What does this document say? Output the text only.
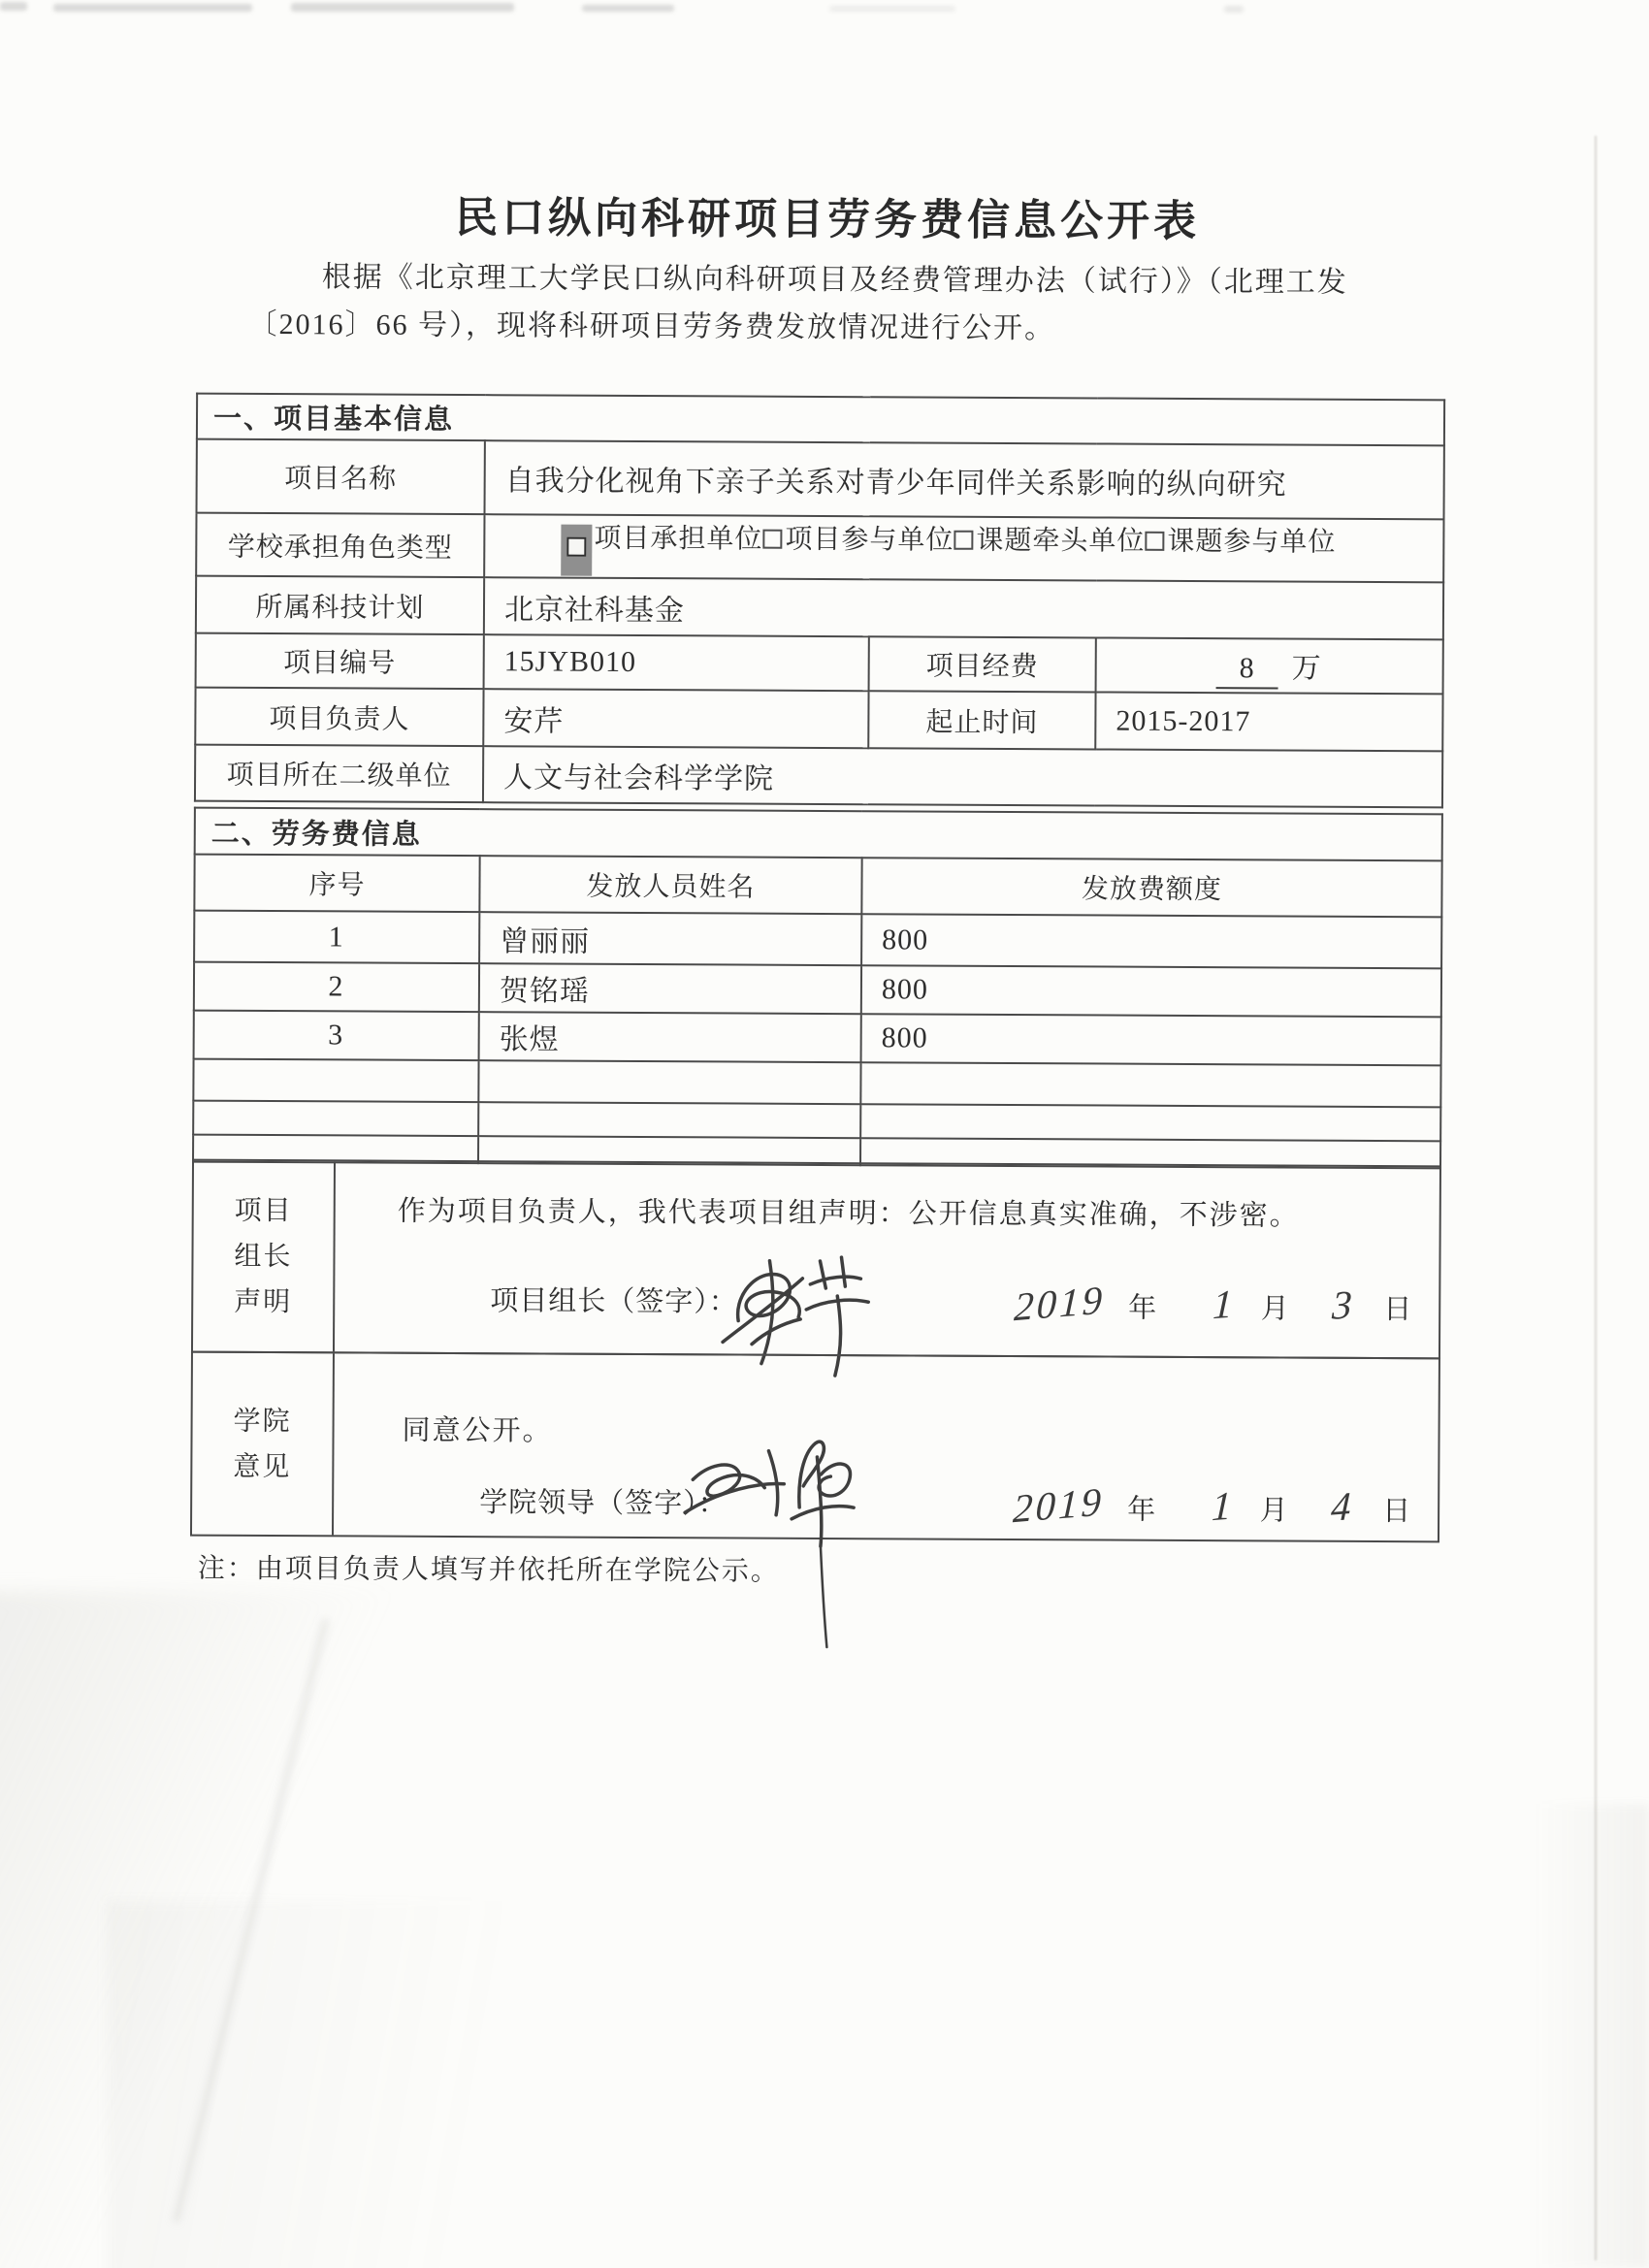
民口纵向科研项目劳务费信息公开表
根据《北京理工大学民口纵向科研项目及经费管理办法（试行）》（北理工发
〔2016〕66 号），现将科研项目劳务费发放情况进行公开。
一、项目基本信息			
项目名称	自我分化视角下亲子关系对青少年同伴关系影响的纵向研究		
学校承担角色类型	项目承担单位 项目参与单位 课题牵头单位 课题参与单位		
所属科技计划	北京社科基金		
项目编号	15JYB010	项目经费	8 万
项目负责人	安芹	起止时间	2015-2017
项目所在二级单位	人文与社会科学学院		
二、劳务费信息		
序号	发放人员姓名	发放费额度
1	曾丽丽	800
2	贺铭瑶	800
3	张煜	800

项目
组长
声明
作为项目负责人，我代表项目组声明：公开信息真实准确，不涉密。
项目组长（签字）：	2019 年 1 月 3 日
学院
意见
同意公开。
学院领导（签字）：	2019 年 1 月 4 日
注：由项目负责人填写并依托所在学院公示。
